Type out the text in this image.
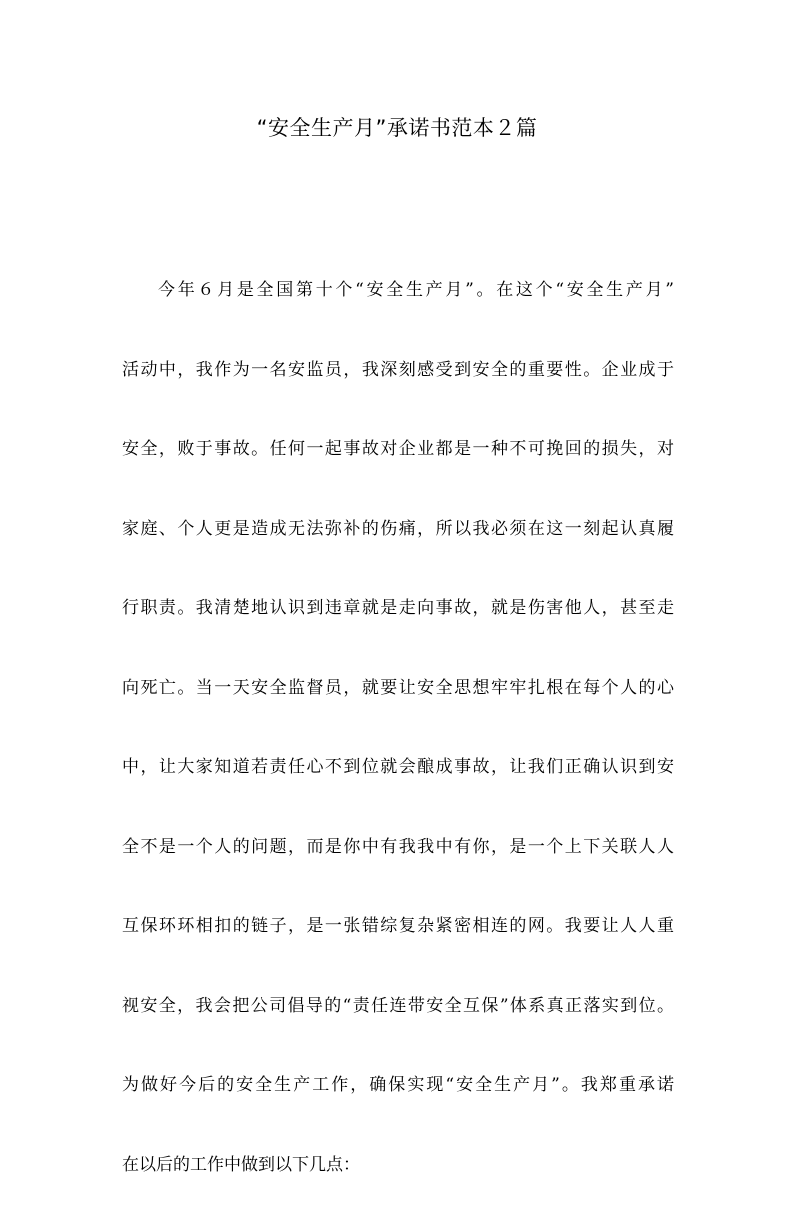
“安全生产月”承诺书范本２篇
今年６月是全国第十个“安全生产月”。在这个“安全生产月”
活动中，我作为一名安监员，我深刻感受到安全的重要性。企业成于
安全，败于事故。任何一起事故对企业都是一种不可挽回的损失，对
家庭、个人更是造成无法弥补的伤痛，所以我必须在这一刻起认真履
行职责。我清楚地认识到违章就是走向事故，就是伤害他人，甚至走
向死亡。当一天安全监督员，就要让安全思想牢牢扎根在每个人的心
中，让大家知道若责任心不到位就会酿成事故，让我们正确认识到安
全不是一个人的问题，而是你中有我我中有你，是一个上下关联人人
互保环环相扣的链子，是一张错综复杂紧密相连的网。我要让人人重
视安全，我会把公司倡导的“责任连带安全互保”体系真正落实到位。
为做好今后的安全生产工作，确保实现“安全生产月”。我郑重承诺
在以后的工作中做到以下几点：
